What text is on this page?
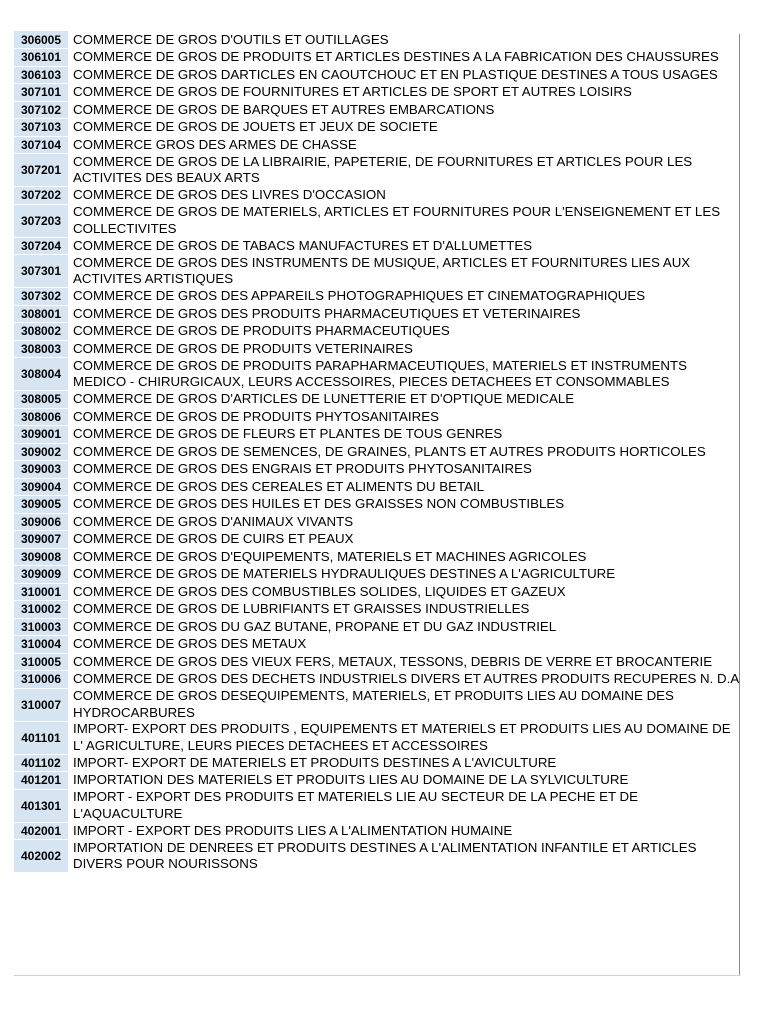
306005	COMMERCE DE GROS D'OUTILS ET OUTILLAGES
306101	COMMERCE DE GROS DE PRODUITS ET ARTICLES DESTINES A LA FABRICATION DES CHAUSSURES
306103	COMMERCE DE GROS DARTICLES EN CAOUTCHOUC ET EN PLASTIQUE DESTINES A TOUS USAGES
307101	COMMERCE DE GROS DE FOURNITURES ET ARTICLES DE SPORT ET AUTRES LOISIRS
307102	COMMERCE DE GROS DE BARQUES ET AUTRES EMBARCATIONS
307103	COMMERCE DE GROS DE JOUETS ET JEUX DE SOCIETE
307104	COMMERCE GROS DES ARMES DE CHASSE
307201	COMMERCE DE GROS DE LA LIBRAIRIE, PAPETERIE, DE FOURNITURES ET ARTICLES POUR LES ACTIVITES DES BEAUX ARTS
307202	COMMERCE DE GROS DES LIVRES D'OCCASION
307203	COMMERCE DE GROS DE MATERIELS, ARTICLES ET FOURNITURES POUR L'ENSEIGNEMENT ET LES COLLECTIVITES
307204	COMMERCE DE GROS DE TABACS MANUFACTURES ET D'ALLUMETTES
307301	COMMERCE DE GROS DES INSTRUMENTS DE MUSIQUE, ARTICLES ET FOURNITURES LIES AUX ACTIVITES ARTISTIQUES
307302	COMMERCE DE GROS DES APPAREILS PHOTOGRAPHIQUES ET CINEMATOGRAPHIQUES
308001	COMMERCE DE GROS DES PRODUITS PHARMACEUTIQUES ET VETERINAIRES
308002	COMMERCE DE GROS DE PRODUITS PHARMACEUTIQUES
308003	COMMERCE DE GROS DE PRODUITS VETERINAIRES
308004	COMMERCE DE GROS DE PRODUITS PARAPHARMACEUTIQUES, MATERIELS ET INSTRUMENTS MEDICO - CHIRURGICAUX, LEURS ACCESSOIRES, PIECES DETACHEES ET CONSOMMABLES
308005	COMMERCE DE GROS D'ARTICLES DE LUNETTERIE ET D'OPTIQUE MEDICALE
308006	COMMERCE DE GROS DE PRODUITS PHYTOSANITAIRES
309001	COMMERCE DE GROS DE FLEURS ET PLANTES DE TOUS GENRES
309002	COMMERCE DE GROS DE SEMENCES, DE GRAINES, PLANTS ET AUTRES PRODUITS HORTICOLES
309003	COMMERCE DE GROS DES ENGRAIS ET PRODUITS PHYTOSANITAIRES
309004	COMMERCE DE GROS DES CEREALES ET ALIMENTS DU BETAIL
309005	COMMERCE DE GROS DES HUILES ET DES GRAISSES NON COMBUSTIBLES
309006	COMMERCE DE GROS D'ANIMAUX VIVANTS
309007	COMMERCE DE GROS DE CUIRS ET PEAUX
309008	COMMERCE DE GROS D'EQUIPEMENTS, MATERIELS ET MACHINES AGRICOLES
309009	COMMERCE DE GROS DE MATERIELS HYDRAULIQUES DESTINES A L'AGRICULTURE
310001	COMMERCE DE GROS DES COMBUSTIBLES SOLIDES, LIQUIDES ET GAZEUX
310002	COMMERCE DE GROS DE LUBRIFIANTS ET GRAISSES INDUSTRIELLES
310003	COMMERCE DE GROS DU GAZ BUTANE, PROPANE ET DU GAZ INDUSTRIEL
310004	COMMERCE DE GROS DES METAUX
310005	COMMERCE DE GROS DES VIEUX FERS, METAUX, TESSONS, DEBRIS DE VERRE ET BROCANTERIE
310006	COMMERCE DE GROS DES DECHETS INDUSTRIELS DIVERS ET AUTRES PRODUITS RECUPERES N. D.A
310007	COMMERCE DE GROS DESEQUIPEMENTS, MATERIELS, ET PRODUITS LIES AU DOMAINE DES HYDROCARBURES
401101	IMPORT- EXPORT DES PRODUITS , EQUIPEMENTS ET MATERIELS ET PRODUITS LIES AU DOMAINE DE L' AGRICULTURE, LEURS PIECES DETACHEES ET ACCESSOIRES
401102	IMPORT- EXPORT DE MATERIELS ET PRODUITS DESTINES A L'AVICULTURE
401201	IMPORTATION DES MATERIELS ET PRODUITS LIES AU DOMAINE DE LA SYLVICULTURE
401301	IMPORT - EXPORT DES PRODUITS ET MATERIELS LIE AU SECTEUR DE LA PECHE ET DE L'AQUACULTURE
402001	IMPORT - EXPORT DES PRODUITS LIES A L'ALIMENTATION HUMAINE
402002	IMPORTATION DE DENREES ET PRODUITS DESTINES A L'ALIMENTATION INFANTILE ET ARTICLES DIVERS POUR NOURISSONS
